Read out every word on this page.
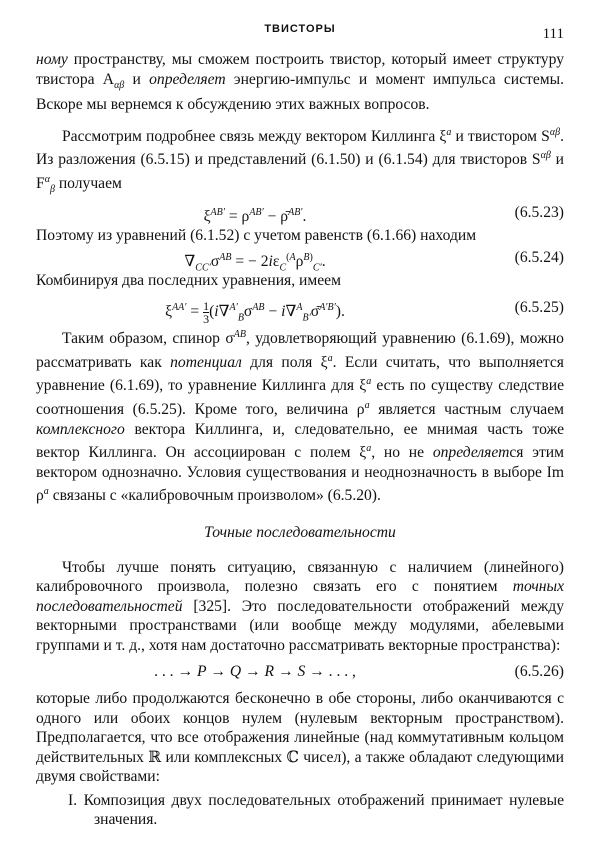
ТВИСТОРЫ	111

ному пространству, мы сможем построить твистор, который имеет структуру твистора $A_{\alpha\beta}$ и определяет энергию-импульс и момент импульса системы. Вскоре мы вернемся к обсуждению этих важных вопросов.

Рассмотрим подробнее связь между вектором Киллинга $\xi^a$ и твистором $S^{\alpha\beta}$. Из разложения (6.5.15) и представлений (6.1.50) и (6.1.54) для твисторов $S^{\alpha\beta}$ и $F^\alpha_\beta$ получаем

$\xi^{AB'} = \rho^{AB'}$ − ρ̄$^{AB'}$.	(6.5.23)

Поэтому из уравнений (6.1.52) с учетом равенств (6.1.66) находим

$\nabla_{CC'}\sigma^{AB}$ = − $2i\varepsilon_C^{(A}\rho^{B)}_{C'}$.	(6.5.24)

Комбинируя два последних уравнения, имеем

$\xi^{AA'} = \frac{1}{3} (i\nabla^{A'}_B\sigma^{AB}$ − i∇$^A_{B'}$σ̄$^{A'B'}$).	(6.5.25)

Таким образом, спинор $\sigma^{AB}$, удовлетворяющий уравнению (6.1.69), можно рассматривать как потенциал для поля $\xi^a$. Если считать, что выполняется уравнение (6.1.69), то уравнение Киллинга для $\xi^a$ есть по существу следствие соотношения (6.5.25). Кроме того, величина $\rho^a$ является частным случаем комплексного вектора Киллинга, и, следовательно, ее мнимая часть тоже вектор Киллинга. Он ассоциирован с полем $\xi^a$, но не определяется этим вектором однозначно. Условия существования и неоднозначность в выборе Im $\rho^a$ связаны с «калибровочным произволом» (6.5.20).

Точные последовательности

Чтобы лучше понять ситуацию, связанную с наличием (линейного) калибровочного произвола, полезно связать его с понятием точных последовательностей [325]. Это последовательности отображений между векторными пространствами (или вообще между модулями, абелевыми группами и т. д., хотя нам достаточно рассматривать векторные пространства):

. . . → P → Q → R → S → . . . ,	(6.5.26)

которые либо продолжаются бесконечно в обе стороны, либо оканчиваются с одного или обоих концов нулем (нулевым векторным пространством). Предполагается, что все отображения линейные (над коммутативным кольцом действительных ℝ или комплексных ℂ чисел), а также обладают следующими двумя свойствами:

I. Композиция двух последовательных отображений принимает нулевые значения.
